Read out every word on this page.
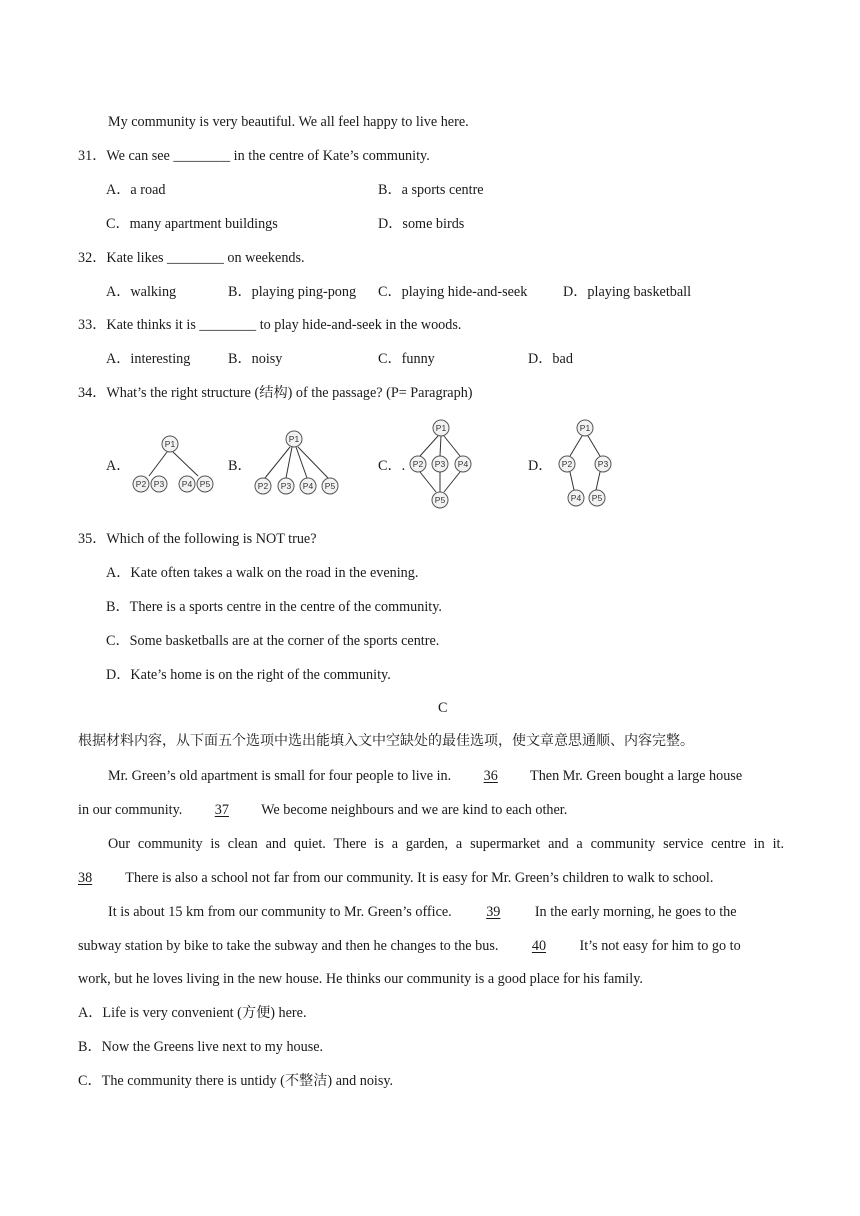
My community is very beautiful. We all feel happy to live here.
31．We can see ________ in the centre of Kate’s community.
A．a road	B．a sports centre
C．many apartment buildings	D．some birds
32．Kate likes ________ on weekends.
A．walking	B．playing ping-pong C．playing hide-and-seek	D．playing basketball
33．Kate thinks it is ________ to play hide-and-seek in the woods.
A．interesting	B．noisy	C．funny	D．bad
34．What’s the right structure (结构) of the passage? (P= Paragraph)
A．	B．	C．.	D．
P1
P2 P3 P4 P5
P1
P2 P3 P4 P5
P1
P2 P3 P4
P5
P1
P2	P3
P4 P5
35．Which of the following is NOT true?
A．Kate often takes a walk on the road in the evening.
B．There is a sports centre in the centre of the community.
C．Some basketballs are at the corner of the sports centre.
D．Kate’s home is on the right of the community.
C
根据材料内容，从下面五个选项中选出能填入文中空缺处的最佳选项，使文章意思通顺、内容完整。
Mr. Green’s old apartment is small for four people to live in. 36 Then Mr. Green bought a large house
in our community. 37 We become neighbours and we are kind to each other.
Our community is clean and quiet. There is a garden, a supermarket and a community service centre in it.
38 There is also a school not far from our community. It is easy for Mr. Green’s children to walk to school.
It is about 15 km from our community to Mr. Green’s office. 39 In the early morning, he goes to the
subway station by bike to take the subway and then he changes to the bus. 40 It’s not easy for him to go to
work, but he loves living in the new house. He thinks our community is a good place for his family.
A．Life is very convenient (方便) here.
B．Now the Greens live next to my house.
C．The community there is untidy (不整洁) and noisy.
